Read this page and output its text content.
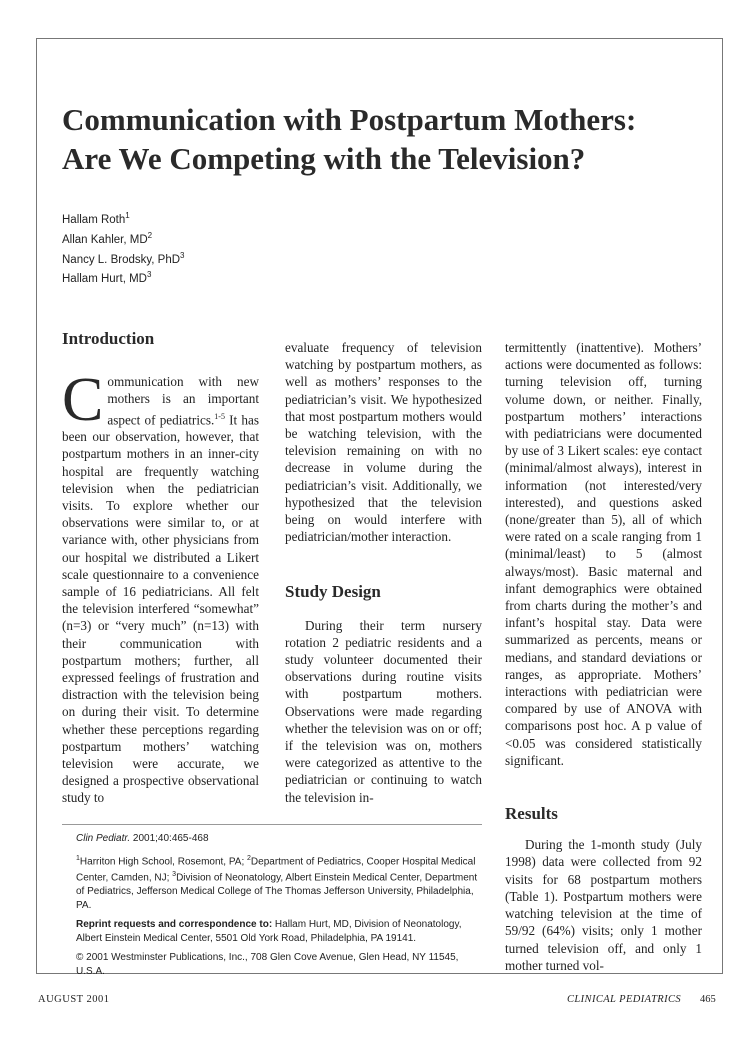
Communication with Postpartum Mothers:
Are We Competing with the Television?
Hallam Roth$^1$
Allan Kahler, $MD^2$
Nancy L. Brodsky, PhD$^3$
Hallam Hurt, $MD^3$
Introduction

Communication with new mothers is an important aspect of pediatrics.$^{1-5}$ It has been our observation, however, that postpartum mothers in an inner-city hospital are frequently watching television when the pediatrician visits. To explore whether our observations were similar to, or at variance with, other physicians from our hospital we distributed a Likert scale questionnaire to a convenience sample of 16 pediatricians. All felt the television interfered “somewhat” (n=3) or “very much” (n=13) with their communication with postpartum mothers; further, all expressed feelings of frustration and distraction with the television being on during their visit. To determine whether these perceptions regarding postpartum mothers’ watching television were accurate, we designed a prospective observational study to

evaluate frequency of television watching by postpartum mothers, as well as mothers’ responses to the pediatrician’s visit. We hypothesized that most postpartum mothers would be watching television, with the television remaining on with no decrease in volume during the pediatrician’s visit. Additionally, we hypothesized that the television being on would interfere with pediatrician/mother interaction.

Study Design

During their term nursery rotation 2 pediatric residents and a study volunteer documented their observations during routine visits with postpartum mothers. Observations were made regarding whether the television was on or off; if the television was on, mothers were categorized as attentive to the pediatrician or continuing to watch the television in-

termittently (inattentive). Mothers’ actions were documented as follows: turning television off, turning volume down, or neither. Finally, postpartum mothers’ interactions with pediatricians were documented by use of 3 Likert scales: eye contact (minimal/almost always), interest in information (not interested/very interested), and questions asked (none/greater than 5), all of which were rated on a scale ranging from 1 (minimal/least) to 5 (almost always/most). Basic maternal and infant demographics were obtained from charts during the mother’s and infant’s hospital stay. Data were summarized as percents, means or medians, and standard deviations or ranges, as appropriate. Mothers’ interactions with pediatrician were compared by use of ANOVA with comparisons post hoc. A p value of <0.05 was considered statistically significant.

Results

During the 1-month study (July 1998) data were collected from 92 visits for 68 postpartum mothers (Table 1). Postpartum mothers were watching television at the time of 59/92 (64%) visits; only 1 mother turned television off, and only 1 mother turned vol-

Clin Pediatr. 2001;40:465-468

$^1$Harriton High School, Rosemont, PA; $^2$Department of Pediatrics, Cooper Hospital Medical Center, Camden, NJ; $^3$Division of Neonatology, Albert Einstein Medical Center, Department of Pediatrics, Jefferson Medical College of The Thomas Jefferson University, Philadelphia, PA.

Reprint requests and correspondence to: Hallam Hurt, MD, Division of Neonatology, Albert Einstein Medical Center, 5501 Old York Road, Philadelphia, PA 19141.

© 2001 Westminster Publications, Inc., 708 Glen Cove Avenue, Glen Head, NY 11545, U.S.A.

AUGUST 2001	CLINICAL PEDIATRICS 465
